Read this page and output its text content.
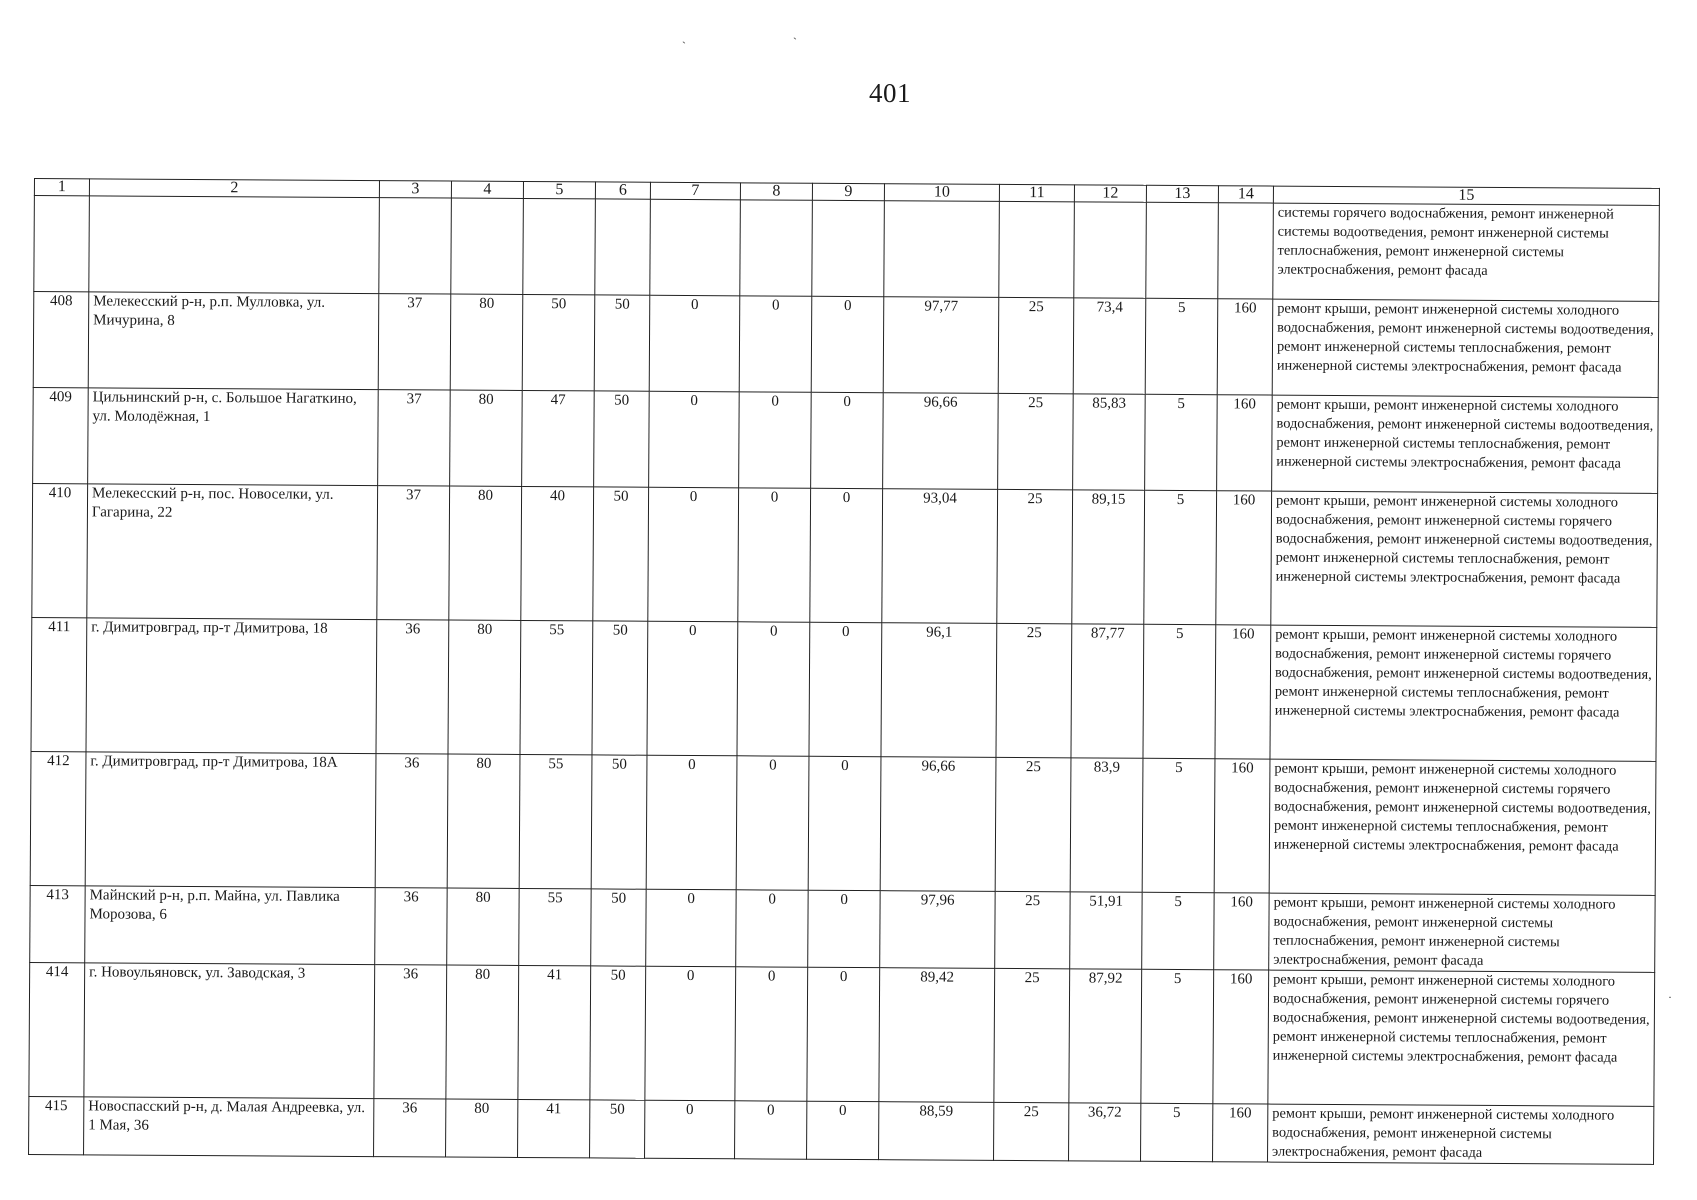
401
ˏ	ˎ
·
1	2	3	4	5	6	7	8	9	10	11	12	13	14	15
														системы горячего водоснабжения, ремонт инженерной системы водоотведения, ремонт инженерной системы теплоснабжения, ремонт инженерной системы электроснабжения, ремонт фасада
408	Мелекесский р-н, р.п. Мулловка, ул. Мичурина, 8	37	80	50	50	0	0	0	97,77	25	73,4	5	160	ремонт крыши, ремонт инженерной системы холодного водоснабжения, ремонт инженерной системы водоотведения, ремонт инженерной системы теплоснабжения, ремонт инженерной системы электроснабжения, ремонт фасада
409	Цильнинский р-н, с. Большое Нагаткино, ул. Молодёжная, 1	37	80	47	50	0	0	0	96,66	25	85,83	5	160	ремонт крыши, ремонт инженерной системы холодного водоснабжения, ремонт инженерной системы водоотведения, ремонт инженерной системы теплоснабжения, ремонт инженерной системы электроснабжения, ремонт фасада
410	Мелекесский р-н, пос. Новоселки, ул. Гагарина, 22	37	80	40	50	0	0	0	93,04	25	89,15	5	160	ремонт крыши, ремонт инженерной системы холодного водоснабжения, ремонт инженерной системы горячего водоснабжения, ремонт инженерной системы водоотведения, ремонт инженерной системы теплоснабжения, ремонт инженерной системы электроснабжения, ремонт фасада
411	г. Димитровград, пр-т Димитрова, 18	36	80	55	50	0	0	0	96,1	25	87,77	5	160	ремонт крыши, ремонт инженерной системы холодного водоснабжения, ремонт инженерной системы горячего водоснабжения, ремонт инженерной системы водоотведения, ремонт инженерной системы теплоснабжения, ремонт инженерной системы электроснабжения, ремонт фасада
412	г. Димитровград, пр-т Димитрова, 18А	36	80	55	50	0	0	0	96,66	25	83,9	5	160	ремонт крыши, ремонт инженерной системы холодного водоснабжения, ремонт инженерной системы горячего водоснабжения, ремонт инженерной системы водоотведения, ремонт инженерной системы теплоснабжения, ремонт инженерной системы электроснабжения, ремонт фасада
413	Майнский р-н, р.п. Майна, ул. Павлика Морозова, 6	36	80	55	50	0	0	0	97,96	25	51,91	5	160	ремонт крыши, ремонт инженерной системы холодного водоснабжения, ремонт инженерной системы теплоснабжения, ремонт инженерной системы электроснабжения, ремонт фасада
414	г. Новоульяновск, ул. Заводская, 3	36	80	41	50	0	0	0	89,42	25	87,92	5	160	ремонт крыши, ремонт инженерной системы холодного водоснабжения, ремонт инженерной системы горячего водоснабжения, ремонт инженерной системы водоотведения, ремонт инженерной системы теплоснабжения, ремонт инженерной системы электроснабжения, ремонт фасада
415	Новоспасский р-н, д. Малая Андреевка, ул. 1 Мая, 36	36	80	41	50	0	0	0	88,59	25	36,72	5	160	ремонт крыши, ремонт инженерной системы холодного водоснабжения, ремонт инженерной системы электроснабжения, ремонт фасада
